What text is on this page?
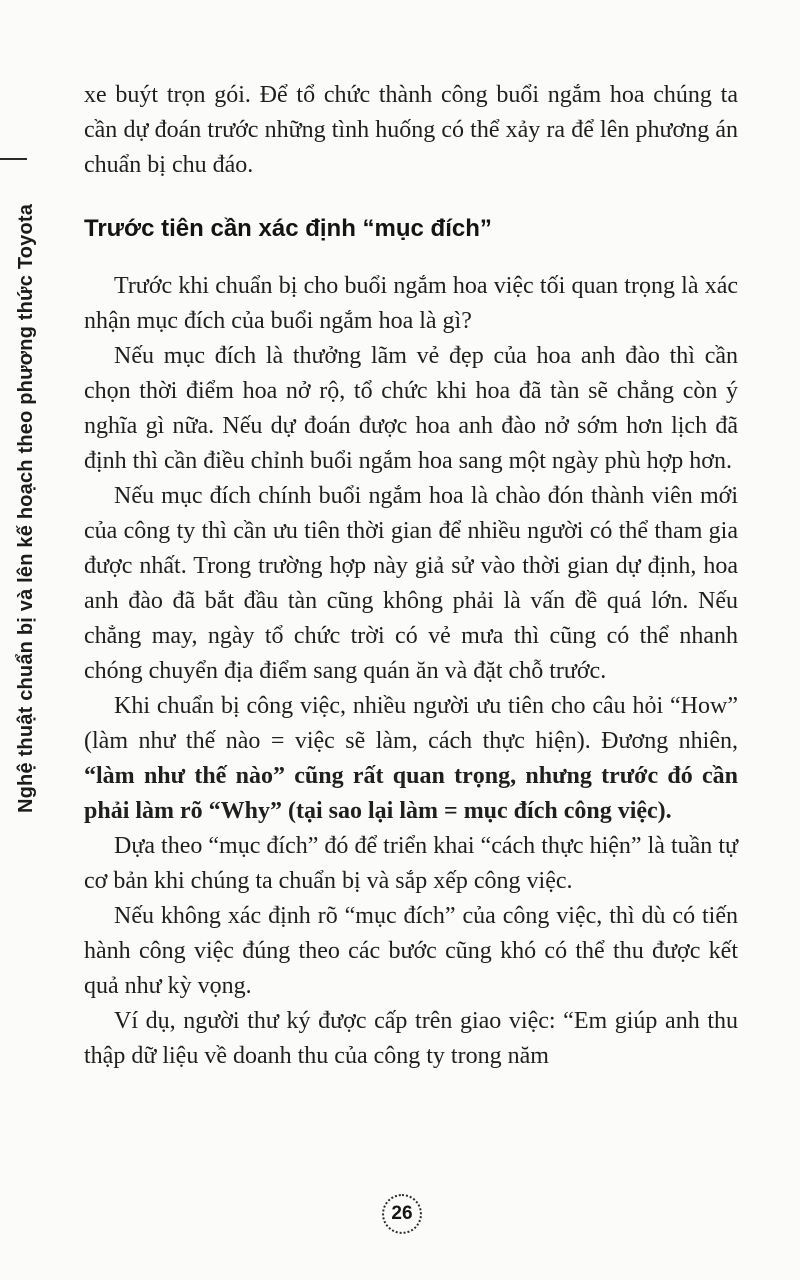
Nghệ thuật chuẩn bị và lên kế hoạch theo phương thức Toyota

xe buýt trọn gói. Để tổ chức thành công buổi ngắm hoa chúng ta cần dự đoán trước những tình huống có thể xảy ra để lên phương án chuẩn bị chu đáo.

Trước tiên cần xác định “mục đích”

Trước khi chuẩn bị cho buổi ngắm hoa việc tối quan trọng là xác nhận mục đích của buổi ngắm hoa là gì?

Nếu mục đích là thưởng lãm vẻ đẹp của hoa anh đào thì cần chọn thời điểm hoa nở rộ, tổ chức khi hoa đã tàn sẽ chẳng còn ý nghĩa gì nữa. Nếu dự đoán được hoa anh đào nở sớm hơn lịch đã định thì cần điều chỉnh buổi ngắm hoa sang một ngày phù hợp hơn.

Nếu mục đích chính buổi ngắm hoa là chào đón thành viên mới của công ty thì cần ưu tiên thời gian để nhiều người có thể tham gia được nhất. Trong trường hợp này giả sử vào thời gian dự định, hoa anh đào đã bắt đầu tàn cũng không phải là vấn đề quá lớn. Nếu chẳng may, ngày tổ chức trời có vẻ mưa thì cũng có thể nhanh chóng chuyển địa điểm sang quán ăn và đặt chỗ trước.

Khi chuẩn bị công việc, nhiều người ưu tiên cho câu hỏi “How” (làm như thế nào = việc sẽ làm, cách thực hiện). Đương nhiên, “làm như thế nào” cũng rất quan trọng, nhưng trước đó cần phải làm rõ “Why” (tại sao lại làm = mục đích công việc).

Dựa theo “mục đích” đó để triển khai “cách thực hiện” là tuần tự cơ bản khi chúng ta chuẩn bị và sắp xếp công việc.

Nếu không xác định rõ “mục đích” của công việc, thì dù có tiến hành công việc đúng theo các bước cũng khó có thể thu được kết quả như kỳ vọng.

Ví dụ, người thư ký được cấp trên giao việc: “Em giúp anh thu thập dữ liệu về doanh thu của công ty trong năm

26
